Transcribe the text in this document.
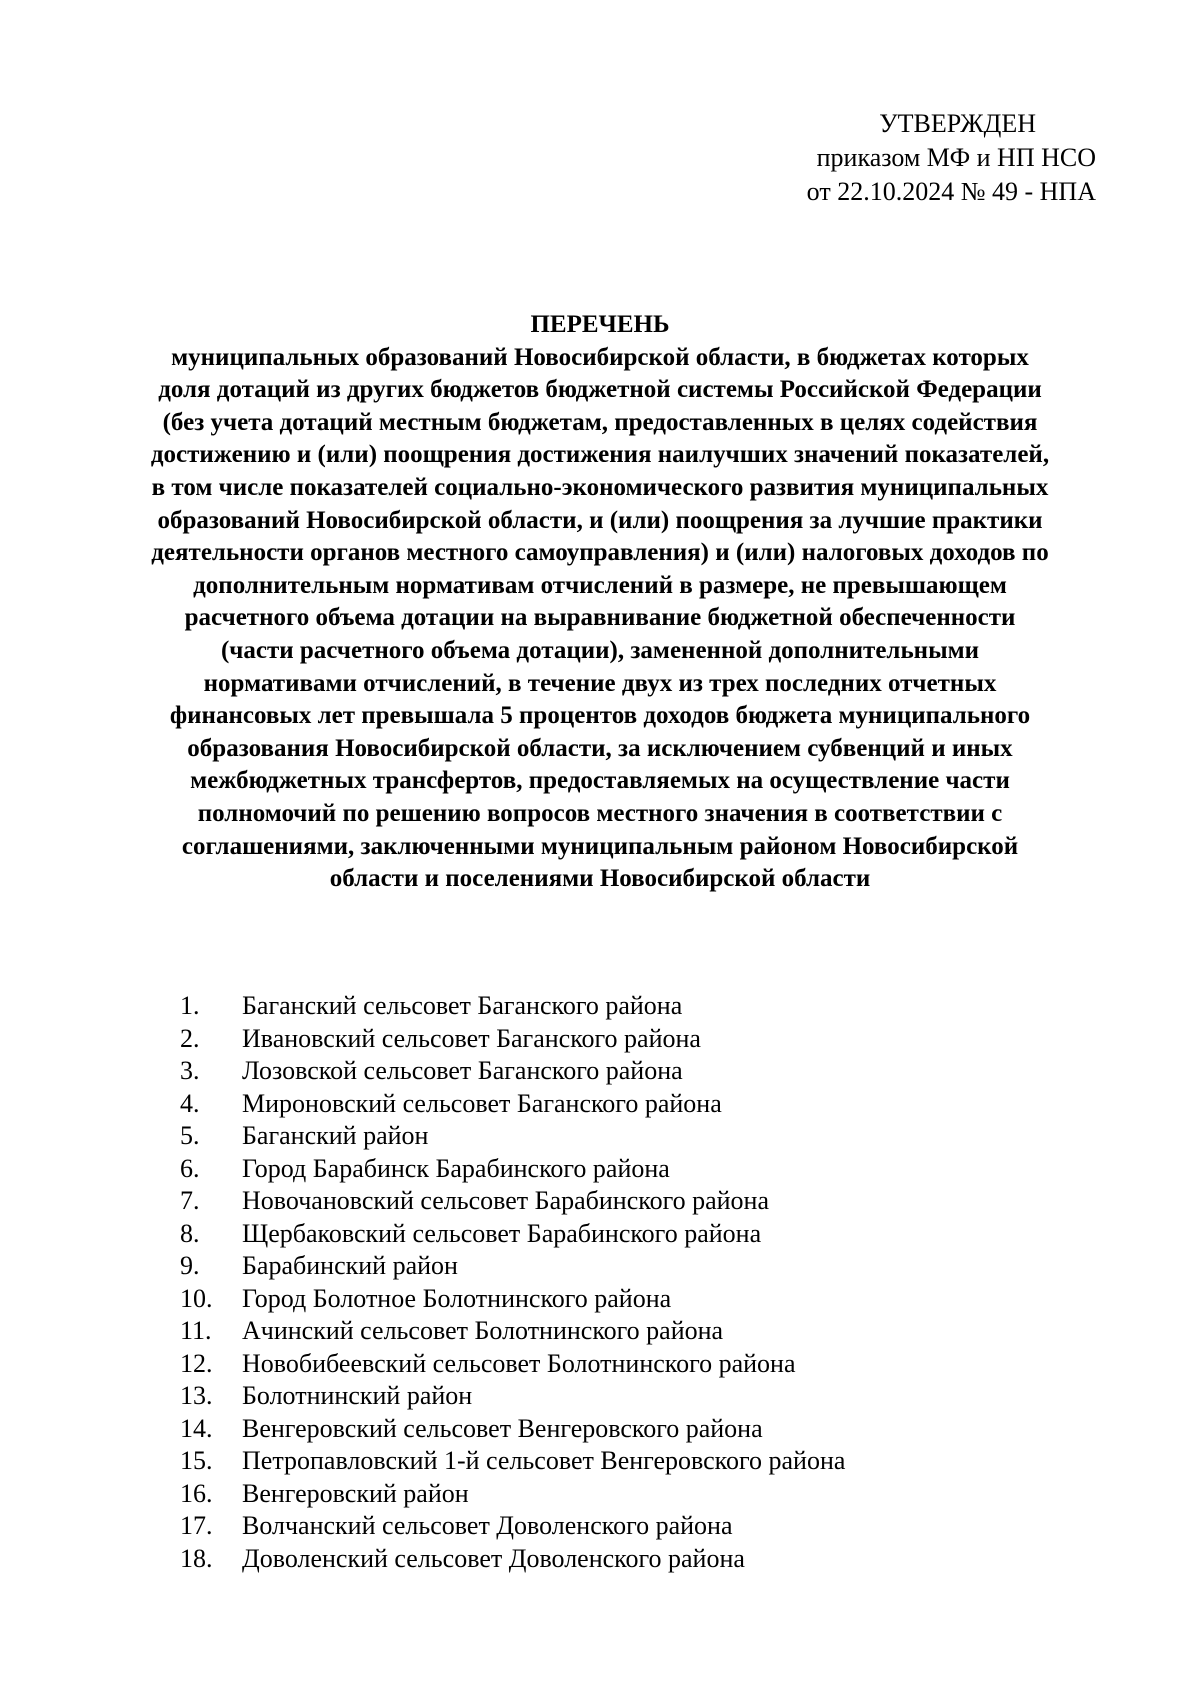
УТВЕРЖДЕН
приказом МФ и НП НСО
от 22.10.2024 № 49 - НПА
ПЕРЕЧЕНЬ
муниципальных образований Новосибирской области, в бюджетах которых доля дотаций из других бюджетов бюджетной системы Российской Федерации (без учета дотаций местным бюджетам, предоставленных в целях содействия достижению и (или) поощрения достижения наилучших значений показателей, в том числе показателей социально-экономического развития муниципальных образований Новосибирской области, и (или) поощрения за лучшие практики деятельности органов местного самоуправления) и (или) налоговых доходов по дополнительным нормативам отчислений в размере, не превышающем расчетного объема дотации на выравнивание бюджетной обеспеченности (части расчетного объема дотации), замененной дополнительными нормативами отчислений, в течение двух из трех последних отчетных финансовых лет превышала 5 процентов доходов бюджета муниципального образования Новосибирской области, за исключением субвенций и иных межбюджетных трансфертов, предоставляемых на осуществление части полномочий по решению вопросов местного значения в соответствии с соглашениями, заключенными муниципальным районом Новосибирской области и поселениями Новосибирской области
1.	Баганский сельсовет Баганского района
2.	Ивановский сельсовет Баганского района
3.	Лозовской сельсовет Баганского района
4.	Мироновский сельсовет Баганского района
5.	Баганский район
6.	Город Барабинск Барабинского района
7.	Новочановский сельсовет Барабинского района
8.	Щербаковский сельсовет Барабинского района
9.	Барабинский район
10.	Город Болотное Болотнинского района
11.	Ачинский сельсовет Болотнинского района
12.	Новобибеевский сельсовет Болотнинского района
13.	Болотнинский район
14.	Венгеровский сельсовет Венгеровского района
15.	Петропавловский 1-й сельсовет Венгеровского района
16.	Венгеровский район
17.	Волчанский сельсовет Доволенского района
18.	Доволенский сельсовет Доволенского района
